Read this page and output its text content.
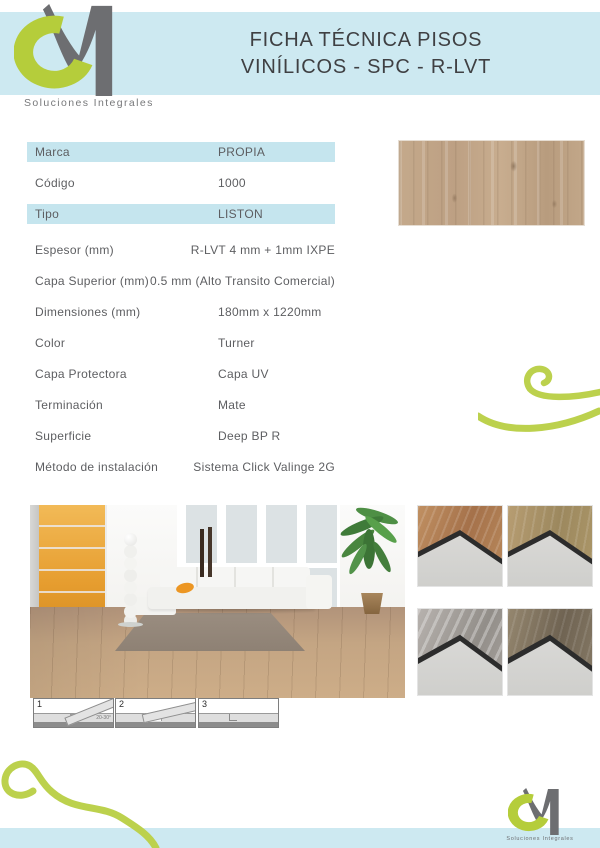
Soluciones Integrales
FICHA TÉCNICA PISOS
VINÍLICOS - SPC - R-LVT
Marca	PROPIA
Código	1000
Tipo	LISTON
Espesor (mm)	R-LVT 4 mm + 1mm IXPE
Capa Superior (mm) 0.5 mm (Alto Transito Comercial)
Dimensiones (mm)	180mm x 1220mm
Color	Turner
Capa Protectora	Capa UV
Terminación	Mate
Superficie	Deep BP R
Método de instalación	Sistema Click Valinge 2G
1
20-30°
2	3
Soluciones Integrales
